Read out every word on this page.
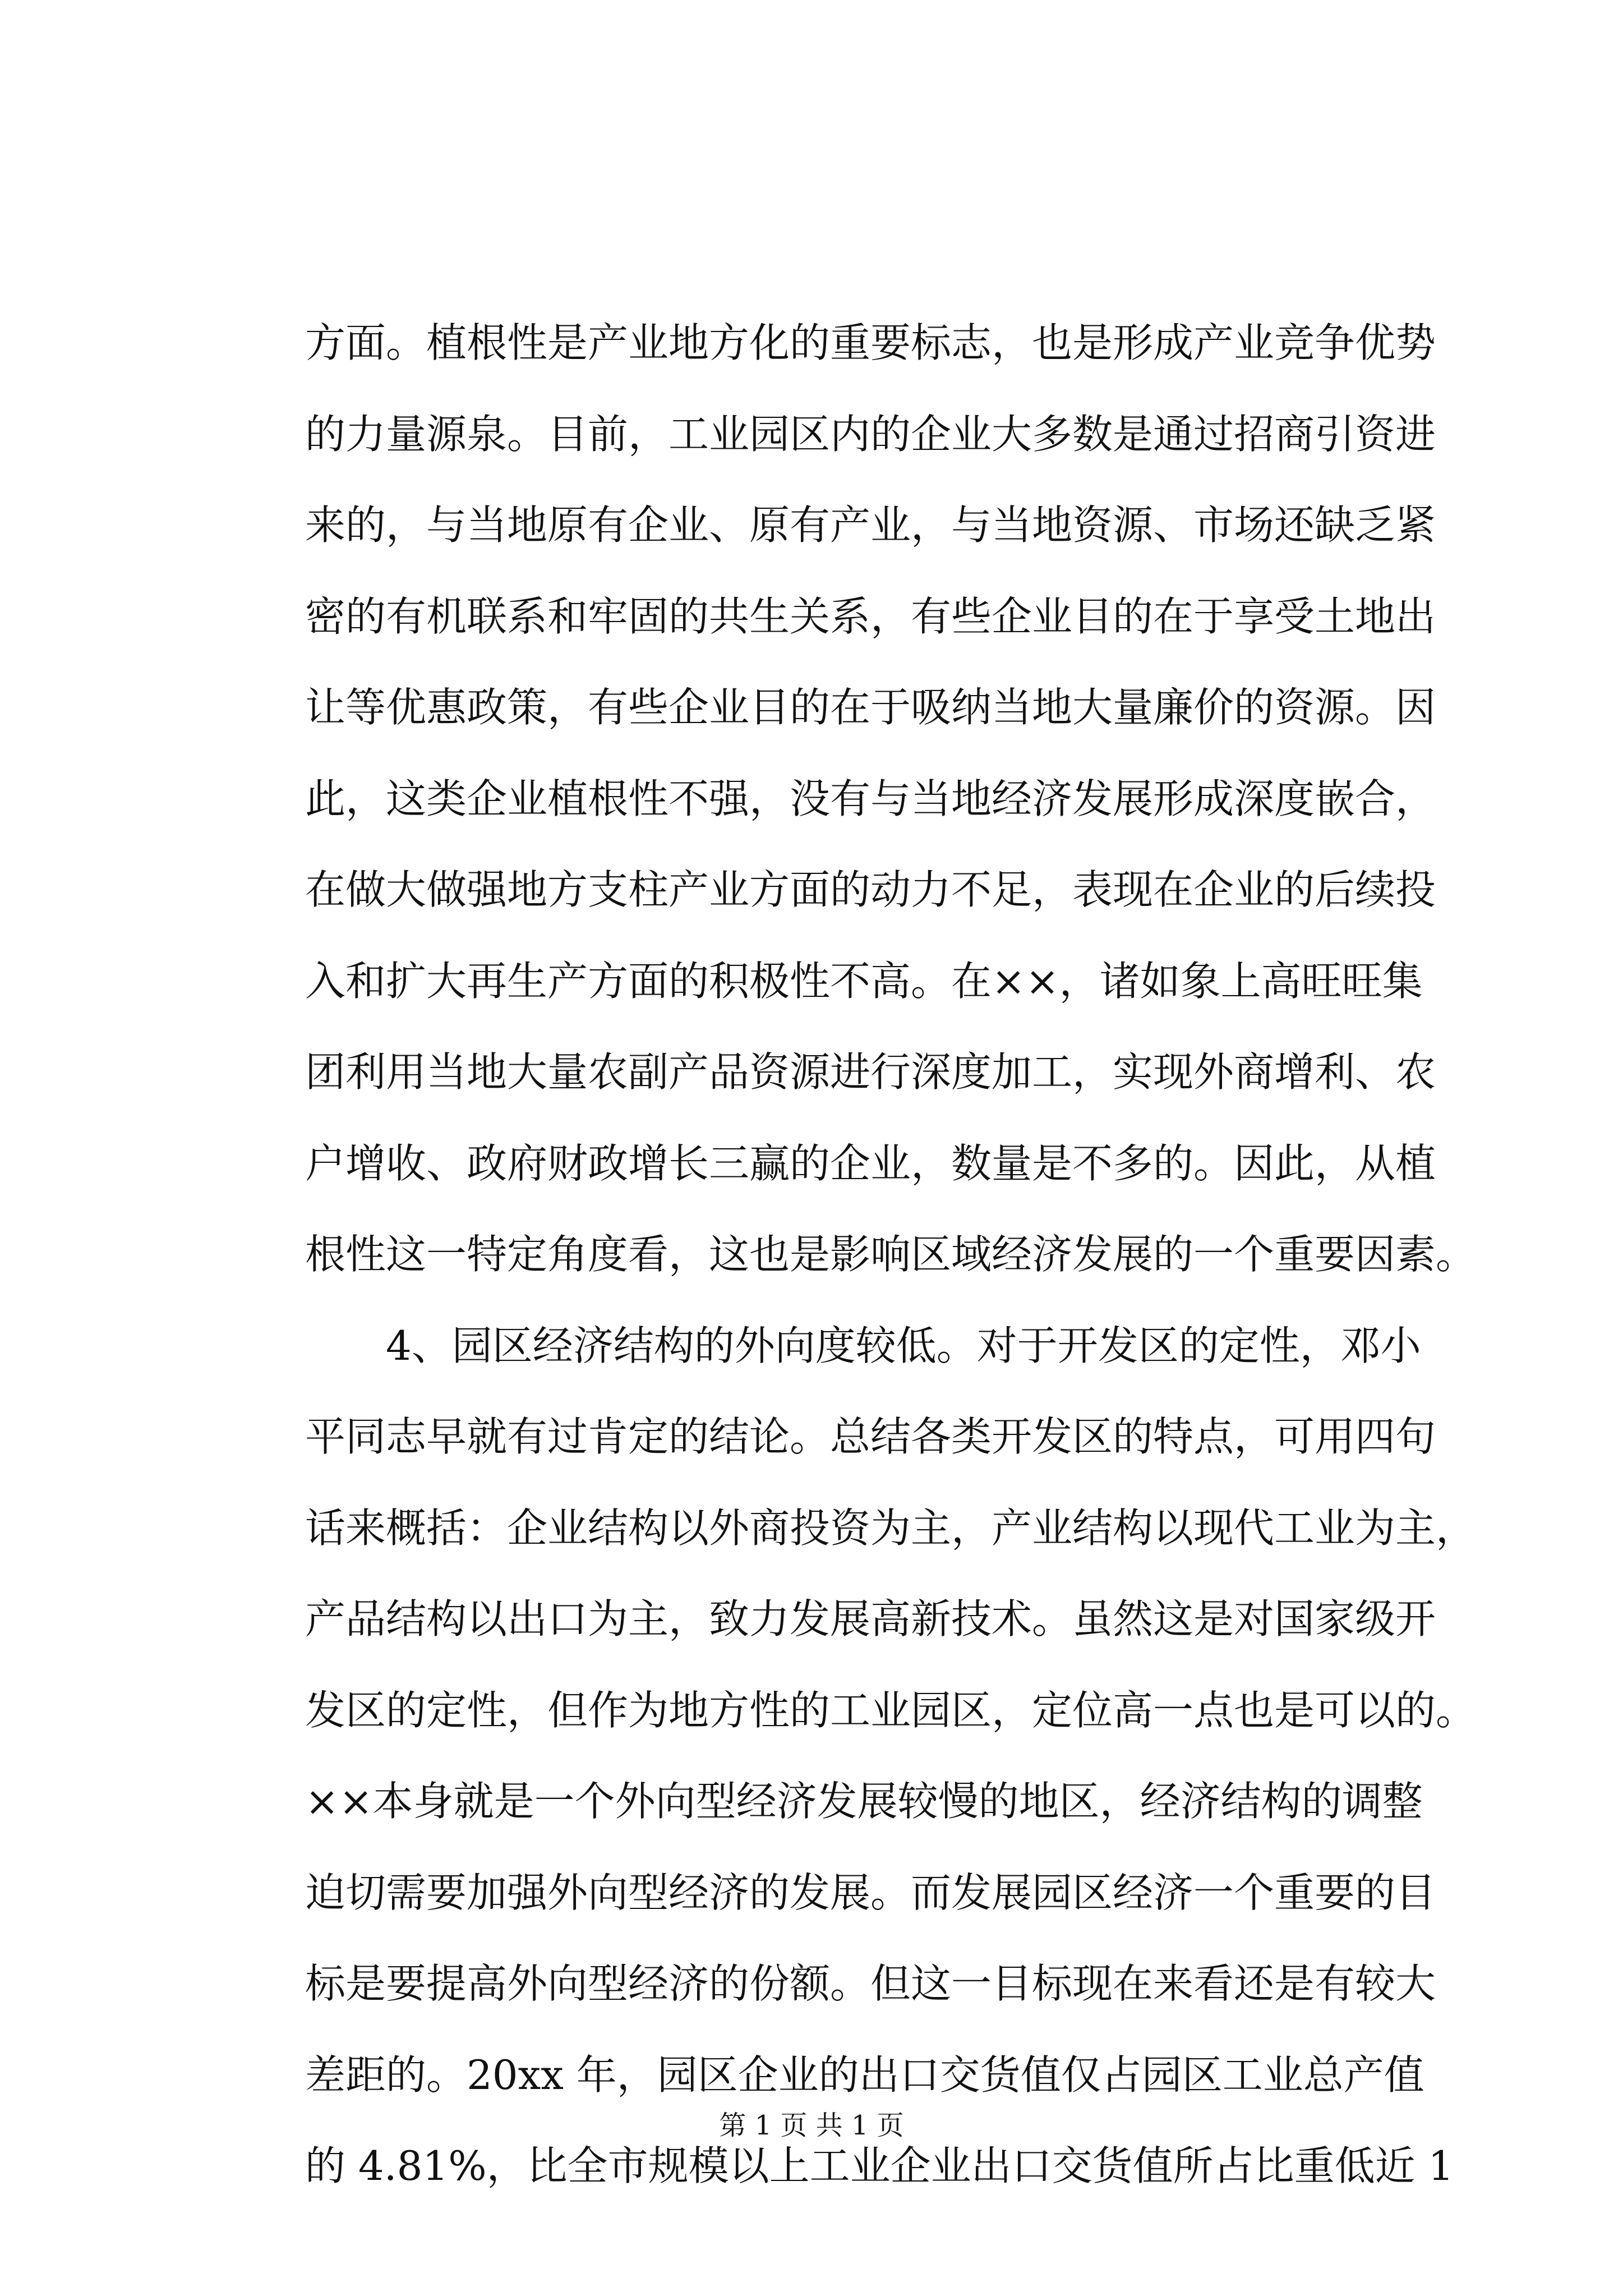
方面。植根性是产业地方化的重要标志，也是形成产业竞争优势
的力量源泉。目前，工业园区内的企业大多数是通过招商引资进
来的，与当地原有企业、原有产业，与当地资源、市场还缺乏紧
密的有机联系和牢固的共生关系，有些企业目的在于享受土地出
让等优惠政策，有些企业目的在于吸纳当地大量廉价的资源。因
此，这类企业植根性不强，没有与当地经济发展形成深度嵌合，
在做大做强地方支柱产业方面的动力不足，表现在企业的后续投
入和扩大再生产方面的积极性不高。在××，诸如象上高旺旺集
团利用当地大量农副产品资源进行深度加工，实现外商增利、农
户增收、政府财政增长三赢的企业，数量是不多的。因此，从植
根性这一特定角度看，这也是影响区域经济发展的一个重要因素。
4、园区经济结构的外向度较低。对于开发区的定性，邓小
平同志早就有过肯定的结论。总结各类开发区的特点，可用四句
话来概括：企业结构以外商投资为主，产业结构以现代工业为主，
产品结构以出口为主，致力发展高新技术。虽然这是对国家级开
发区的定性，但作为地方性的工业园区，定位高一点也是可以的。
××本身就是一个外向型经济发展较慢的地区，经济结构的调整
迫切需要加强外向型经济的发展。而发展园区经济一个重要的目
标是要提高外向型经济的份额。但这一目标现在来看还是有较大
差距的。20xx 年，园区企业的出口交货值仅占园区工业总产值
的 4.81%，比全市规模以上工业企业出口交货值所占比重低近 1
第 1 页 共 1 页
